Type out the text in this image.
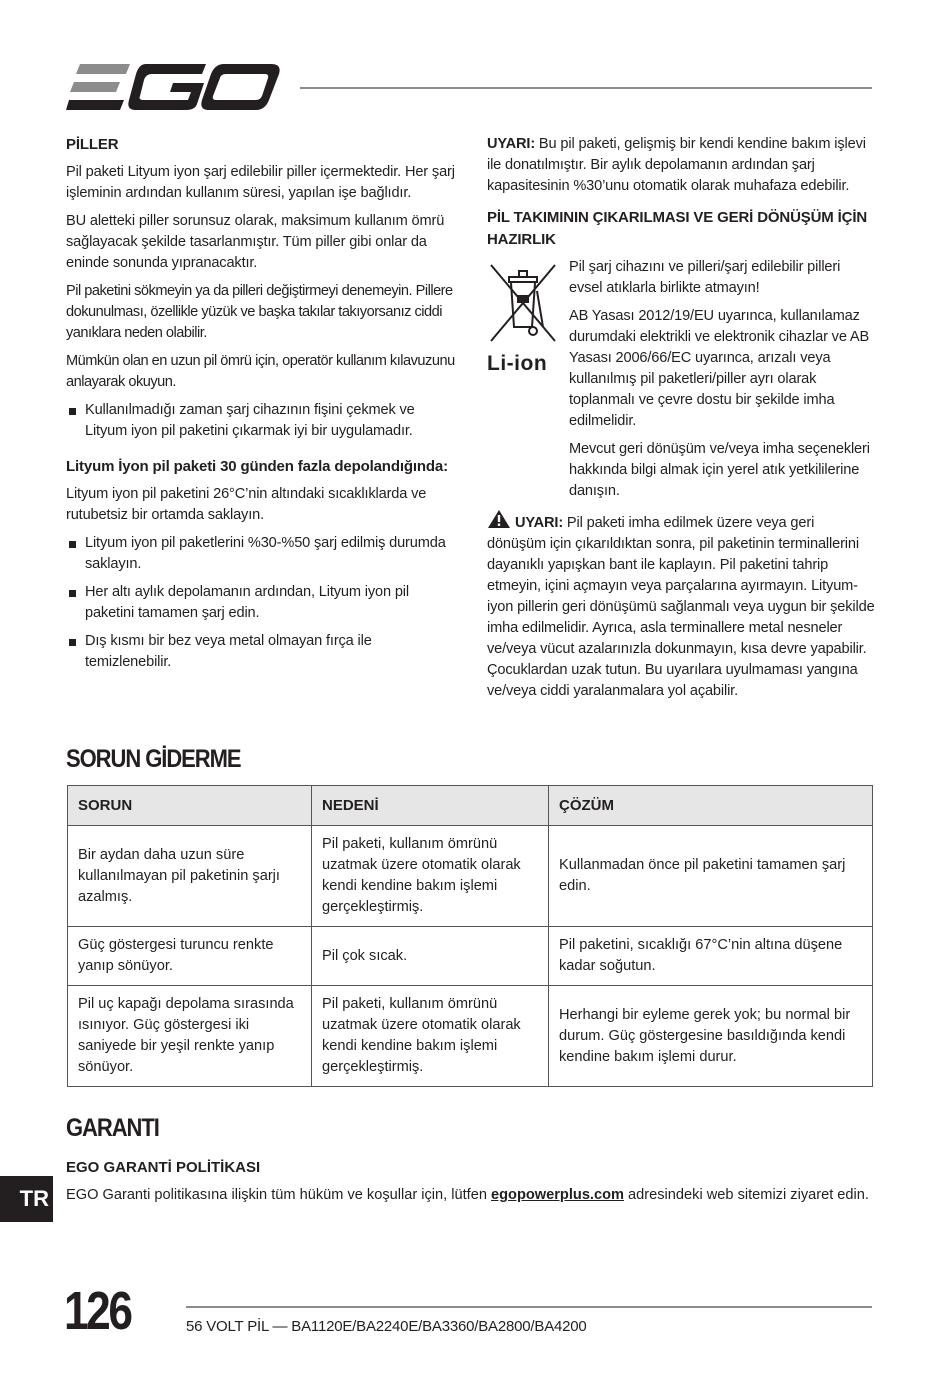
PİLLER
Pil paketi Lityum iyon şarj edilebilir piller içermektedir. Her şarj işleminin ardından kullanım süresi, yapılan işe bağlıdır.
BU aletteki piller sorunsuz olarak, maksimum kullanım ömrü sağlayacak şekilde tasarlanmıştır. Tüm piller gibi onlar da eninde sonunda yıpranacaktır.
Pil paketini sökmeyin ya da pilleri değiştirmeyi denemeyin. Pillere dokunulması, özellikle yüzük ve başka takılar takıyorsanız ciddi yanıklara neden olabilir.
Mümkün olan en uzun pil ömrü için, operatör kullanım kılavuzunu anlayarak okuyun.
Kullanılmadığı zaman şarj cihazının fişini çekmek ve Lityum iyon pil paketini çıkarmak iyi bir uygulamadır.
Lityum İyon pil paketi 30 günden fazla depolandığında:
Lityum iyon pil paketini 26°C’nin altındaki sıcaklıklarda ve rutubetsiz bir ortamda saklayın.
Lityum iyon pil paketlerini %30-%50 şarj edilmiş durumda saklayın.
Her altı aylık depolamanın ardından, Lityum iyon pil paketini tamamen şarj edin.
Dış kısmı bir bez veya metal olmayan fırça ile temizlenebilir.
UYARI: Bu pil paketi, gelişmiş bir kendi kendine bakım işlevi ile donatılmıştır. Bir aylık depolamanın ardından şarj kapasitesinin %30’unu otomatik olarak muhafaza edebilir.
PİL TAKIMININ ÇIKARILMASI VE GERİ DÖNÜŞÜM İÇİN HAZIRLIK
Li-ion
Pil şarj cihazını ve pilleri/şarj edilebilir pilleri evsel atıklarla birlikte atmayın!
AB Yasası 2012/19/EU uyarınca, kullanılamaz durumdaki elektrikli ve elektronik cihazlar ve AB Yasası 2006/66/EC uyarınca, arızalı veya kullanılmış pil paketleri/piller ayrı olarak toplanmalı ve çevre dostu bir şekilde imha edilmelidir.
Mevcut geri dönüşüm ve/veya imha seçenekleri hakkında bilgi almak için yerel atık yetkililerine danışın.
UYARI: Pil paketi imha edilmek üzere veya geri dönüşüm için çıkarıldıktan sonra, pil paketinin terminallerini dayanıklı yapışkan bant ile kaplayın. Pil paketini tahrip etmeyin, içini açmayın veya parçalarına ayırmayın. Lityum-iyon pillerin geri dönüşümü sağlanmalı veya uygun bir şekilde imha edilmelidir. Ayrıca, asla terminallere metal nesneler ve/veya vücut azalarınızla dokunmayın, kısa devre yapabilir. Çocuklardan uzak tutun. Bu uyarılara uyulmaması yangına ve/veya ciddi yaralanmalara yol açabilir.
SORUN GİDERME
SORUN	NEDENİ	ÇÖZÜM
Bir aydan daha uzun süre kullanılmayan pil paketinin şarjı azalmış.	Pil paketi, kullanım ömrünü uzatmak üzere otomatik olarak kendi kendine bakım işlemi gerçekleştirmiş.	Kullanmadan önce pil paketini tamamen şarj edin.
Güç göstergesi turuncu renkte yanıp sönüyor.	Pil çok sıcak.	Pil paketini, sıcaklığı 67°C’nin altına düşene kadar soğutun.
Pil uç kapağı depolama sırasında ısınıyor. Güç göstergesi iki saniyede bir yeşil renkte yanıp sönüyor.	Pil paketi, kullanım ömrünü uzatmak üzere otomatik olarak kendi kendine bakım işlemi gerçekleştirmiş.	Herhangi bir eyleme gerek yok; bu normal bir durum. Güç göstergesine basıldığında kendi kendine bakım işlemi durur.
GARANTI
EGO GARANTİ POLİTİKASI
EGO Garanti politikasına ilişkin tüm hüküm ve koşullar için, lütfen egopowerplus.com adresindeki web sitemizi ziyaret edin.
TR
126	56 VOLT PİL — BA1120E/BA2240E/BA3360/BA2800/BA4200
